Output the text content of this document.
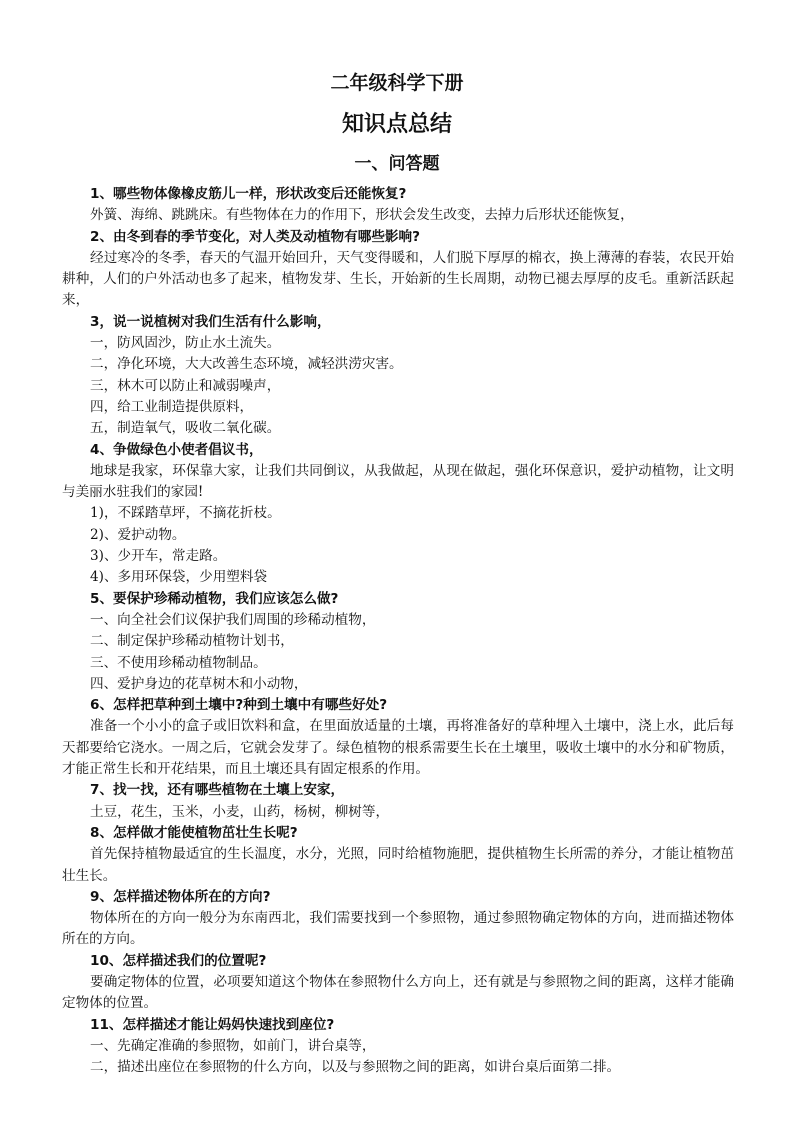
二年级科学下册
知识点总结
一、问答题

1、哪些物体像橡皮筋儿一样，形状改变后还能恢复?

外簧、海绵、跳跳床。有些物体在力的作用下，形状会发生改变，去掉力后形状还能恢复，

2、由冬到春的季节变化，对人类及动植物有哪些影响?

经过寒冷的冬季，春天的气温开始回升，天气变得暖和，人们脱下厚厚的棉衣，换上薄薄的春装，农民开始耕种，人们的户外活动也多了起来，植物发芽、生长，开始新的生长周期，动物已褪去厚厚的皮毛。重新活跃起来，

3，说一说植树对我们生活有什么影响，

一，防风固沙，防止水土流失。

二，净化环境，大大改善生态环境，减轻洪涝灾害。

三，林木可以防止和减弱噪声，

四，给工业制造提供原料，

五，制造氧气，吸收二氧化碳。

4、争做绿色小使者倡议书，

地球是我家，环保靠大家，让我们共同倒议，从我做起，从现在做起，强化环保意识，爱护动植物，让文明与美丽水驻我们的家园!

1)，不踩踏草坪，不摘花折枝。

2)、爱护动物。

3)、少开车，常走路。

4)、多用环保袋，少用塑料袋

5、要保护珍稀动植物，我们应该怎么做?

一、向全社会们议保护我们周围的珍稀动植物，

二、制定保护珍稀动植物计划书，

三、不使用珍稀动植物制品。

四、爱护身边的花草树木和小动物，

6、怎样把草种到土壤中?种到土壤中有哪些好处?

准备一个小小的盒子或旧饮料和盒，在里面放适量的土壤，再将准备好的草种埋入土壤中，浇上水，此后每天都要给它浇水。一周之后，它就会发芽了。绿色植物的根系需要生长在土壤里，吸收土壤中的水分和矿物质，才能正常生长和开花结果，而且土壤还具有固定根系的作用。

7、找一找，还有哪些植物在土壤上安家，

土豆，花生，玉米，小麦，山药，杨树，柳树等，

8、怎样做才能使植物茁壮生长呢?

首先保持植物最适宜的生长温度，水分，光照，同时给植物施肥，提供植物生长所需的养分，才能让植物茁壮生长。

9、怎样描述物体所在的方向?

物体所在的方向一般分为东南西北，我们需要找到一个参照物，通过参照物确定物体的方向，进而描述物体所在的方向。

10、怎样描述我们的位置呢?

要确定物体的位置，必项要知道这个物体在参照物什么方向上，还有就是与参照物之间的距离，这样才能确定物体的位置。

11、怎样描述才能让妈妈快速找到座位?

一、先确定准确的参照物，如前门，讲台桌等，

二，描述出座位在参照物的什么方向，以及与参照物之间的距离，如讲台桌后面第二排。
